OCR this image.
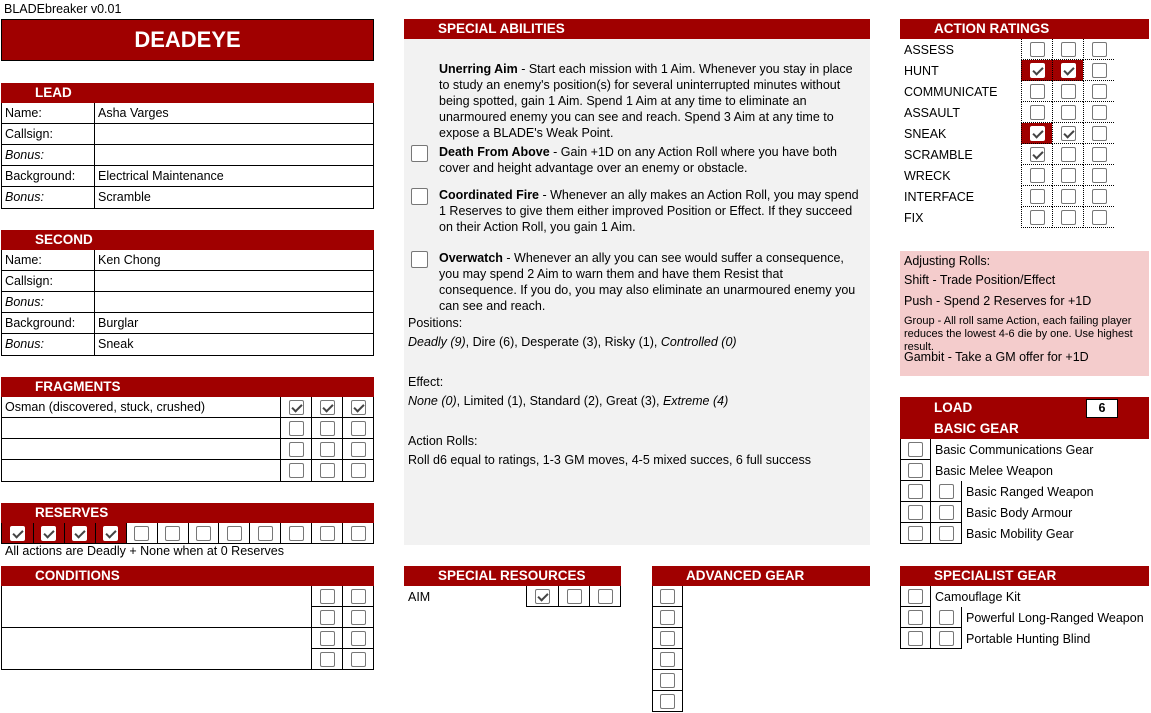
BLADEbreaker v0.01
DEADEYE
LEAD
Name:	Asha Varges
Callsign:
Bonus:
Background:	Electrical Maintenance
Bonus:	Scramble
SECOND
Name:	Ken Chong
Callsign:
Bonus:
Background:	Burglar
Bonus:	Sneak
FRAGMENTS
Osman (discovered, stuck, crushed)
RESERVES
All actions are Deadly + None when at 0 Reserves
CONDITIONS
SPECIAL ABILITIES
Unerring Aim - Start each mission with 1 Aim. Whenever you stay in place to study an enemy's position(s) for several uninterrupted minutes without being spotted, gain 1 Aim. Spend 1 Aim at any time to eliminate an unarmoured enemy you can see and reach. Spend 3 Aim at any time to expose a BLADE's Weak Point.
Death From Above - Gain +1D on any Action Roll where you have both cover and height advantage over an enemy or obstacle.
Coordinated Fire - Whenever an ally makes an Action Roll, you may spend 1 Reserves to give them either improved Position or Effect. If they succeed on their Action Roll, you gain 1 Aim.
Overwatch - Whenever an ally you can see would suffer a consequence, you may spend 2 Aim to warn them and have them Resist that consequence. If you do, you may also eliminate an unarmoured enemy you can see and reach.
Positions:
Deadly (9), Dire (6), Desperate (3), Risky (1), Controlled (0)
Effect:
None (0), Limited (1), Standard (2), Great (3), Extreme (4)
Action Rolls:
Roll d6 equal to ratings, 1-3 GM moves, 4-5 mixed succes, 6 full success
ACTION RATINGS
ASSESS
HUNT
COMMUNICATE
ASSAULT
SNEAK
SCRAMBLE
WRECK
INTERFACE
FIX
Adjusting Rolls:
Shift - Trade Position/Effect
Push - Spend 2 Reserves for +1D
Group - All roll same Action, each failing player reduces the lowest 4-6 die by one. Use highest result.
Gambit - Take a GM offer for +1D
LOAD	6
BASIC GEAR
Basic Communications Gear
Basic Melee Weapon
Basic Ranged Weapon
Basic Body Armour
Basic Mobility Gear
SPECIAL RESOURCES
AIM
ADVANCED GEAR	SPECIALIST GEAR
Camouflage Kit
Powerful Long-Ranged Weapon
Portable Hunting Blind
